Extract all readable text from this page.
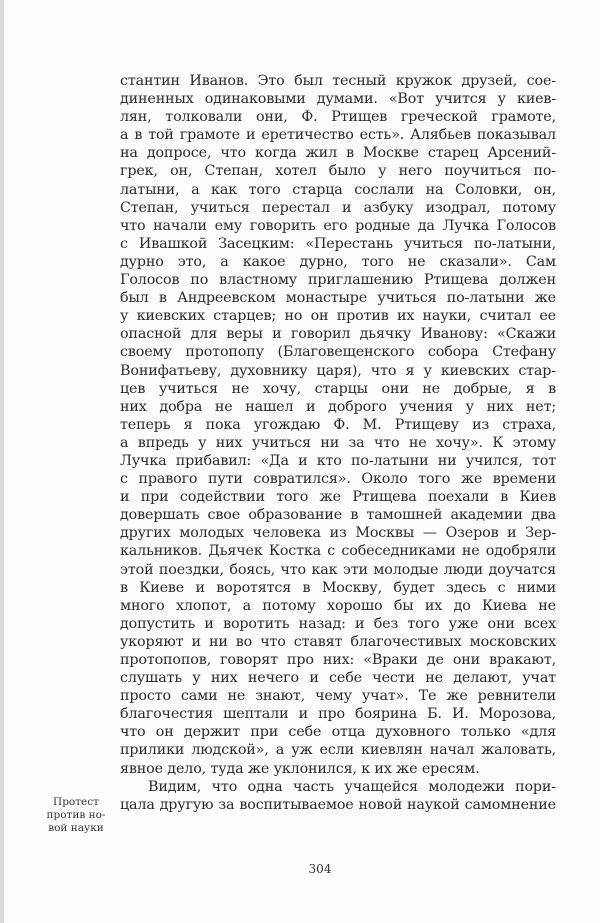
стантин Иванов. Это был тесный кружок друзей, сое-
диненных одинаковыми думами. «Вот учится у киев-
лян, толковали они, Ф. Ртищев греческой грамоте,
а в той грамоте и еретичество есть». Алябьев показывал
на допросе, что когда жил в Москве старец Арсений-
грек, он, Степан, хотел было у него поучиться по-
латыни, а как того старца сослали на Соловки, он,
Степан, учиться перестал и азбуку изодрал, потому
что начали ему говорить его родные да Лучка Голосов
с Ивашкой Засецким: «Перестань учиться по-латыни,
дурно это, а какое дурно, того не сказали». Сам
Голосов по властному приглашению Ртищева должен
был в Андреевском монастыре учиться по-латыни же
у киевских старцев; но он против их науки, считал ее
опасной для веры и говорил дьячку Иванову: «Скажи
своему протопопу (Благовещенского собора Стефану
Вонифатьеву, духовнику царя), что я у киевских стар-
цев учиться не хочу, старцы они не добрые, я в
них добра не нашел и доброго учения у них нет;
теперь я пока угождаю Ф. М. Ртищеву из страха,
а впредь у них учиться ни за что не хочу». К этому
Лучка прибавил: «Да и кто по-латыни ни учился, тот
с правого пути совратился». Около того же времени
и при содействии того же Ртищева поехали в Киев
довершать свое образование в тамошней академии два
других молодых человека из Москвы — Озеров и Зер-
кальников. Дьячек Костка с собеседниками не одобряли
этой поездки, боясь, что как эти молодые люди доучатся
в Киеве и воротятся в Москву, будет здесь с ними
много хлопот, а потому хорошо бы их до Киева не
допустить и воротить назад: и без того уже они всех
укоряют и ни во что ставят благочестивых московских
протопопов, говорят про них: «Враки де они вракают,
слушать у них нечего и себе чести не делают, учат
просто сами не знают, чему учат». Те же ревнители
благочестия шептали и про боярина Б. И. Морозова,
что он держит при себе отца духовного только «для
прилики людской», а уж если киевлян начал жаловать,
явное дело, туда же уклонился, к их же ересям.
Видим, что одна часть учащейся молодежи пори-
цала другую за воспитываемое новой наукой самомнение
Протест
против но-
вой науки
304
